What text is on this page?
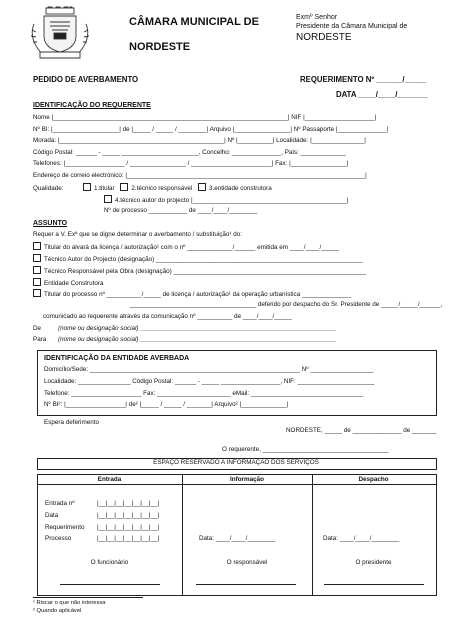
CÂMARA MUNICIPAL DE
NORDESTE
Exmº Senhor
Presidente da Câmara Municipal de
NORDESTE
PEDIDO DE AVERBAMENTO	REQUERIMENTO Nº ______/_____
DATA ____/____/_______
IDENTIFICAÇÃO DO REQUERENTE
Nome |___________________________________________________________________| NIF |____________________|
Nº BI: |___________________| de |_____ / _____ / ________| Arquivo |________________| Nº Passaporte |______________|
Morada: |_______________________________________________| Nº |__________| Localidade: |_______________|
Código Postal: ______ - _____ ______________________, Concelho: ______________, Pais: _____________
Telefones: |_________________ / ________________ / _______________________| Fax: |________________|
Endereço de correio electrónico: |____________________________________________________________________|
Qualidade:	1.titular	2.técnico responsável	3.entidade construtora
4.técnico autor do projecto |____________________________________________|
Nº de processo ___________ de ____/____/________
ASSUNTO
Requer a V. Exª que se digne determinar o averbamento / substituição¹ do:
Titular do alvará da licença / autorização¹ com o nº _____________/______ emitida em ____/____/_____
Técnico Autor do Projecto (designação) ___________________________________________________________
Técnico Responsável pela Obra (designação) _______________________________________________________
Entidade Construtora
Titular do processo nº __________/_____ de licença / autorização¹ da operação urbanística ______________
____________________________________ deferido por despacho do Sr. Presidente de _____/_____/______,
comunicado ao requerente através da comunicação nº __________ de ____/____/_____
De	(nome ou designação social) ________________________________________________________
Para (nome ou designação social) ________________________________________________________
IDENTIFICAÇÃO DA ENTIDADE AVERBADA
Domicílio/Sede: ____________________________________________________________ Nº __________________
Localidade: _______________ Código Postal: ______ - _____ _________________, NIF: ______________________
Telefone: ____________________ Fax: _____________________ eMail: ________________________________
Nº BI²: |_________________| de² |_____ / _____ / _______| Arquivo² |_____________|
Espera deferimento
NORDESTE, _____ de ______________ de _______
O requerente, ____________________________________
ESPAÇO RESERVADO A INFORMAÇÃO DOS SERVIÇOS
Entrada	Informação	Despacho
Entrada nº	|__|__|__|__|__|__|__|
Data	|__|__|__|__|__|__|__|
Requerimento |__|__|__|__|__|__|__|
Processo	|__|__|__|__|__|__|__|	Data: ____/____/________	Data: ____/____/________
O funcionário	O responsável	O presidente
¹ Riscar o que não interessa
² Quando aplicável
